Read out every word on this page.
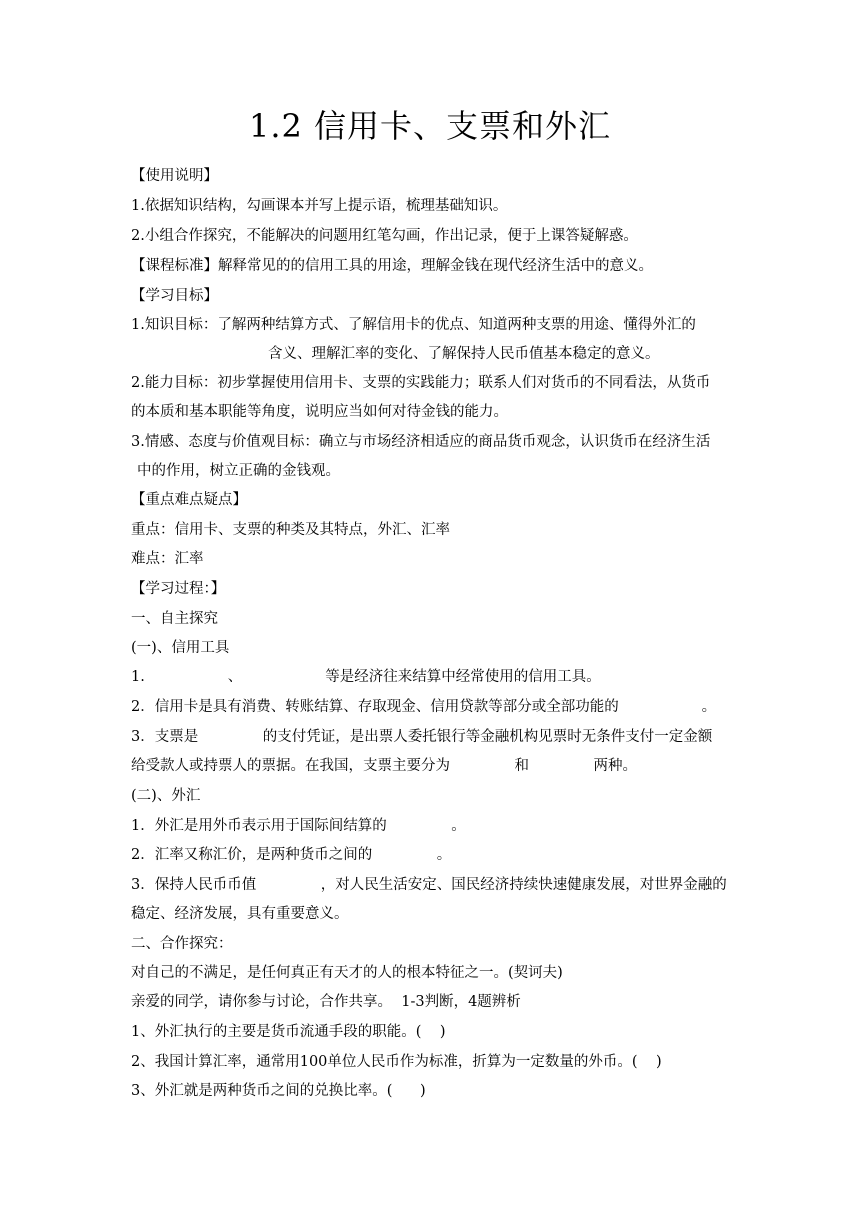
1.2 信用卡、支票和外汇

【使用说明】

1.依据知识结构，勾画课本并写上提示语，梳理基础知识。

2.小组合作探究，不能解决的问题用红笔勾画，作出记录，便于上课答疑解惑。

【课程标准】解释常见的的信用工具的用途，理解金钱在现代经济生活中的意义。

【学习目标】

1.知识目标：了解两种结算方式、了解信用卡的优点、知道两种支票的用途、懂得外汇的

含义、理解汇率的变化、了解保持人民币值基本稳定的意义。

2.能力目标：初步掌握使用信用卡、支票的实践能力；联系人们对货币的不同看法，从货币

的本质和基本职能等角度，说明应当如何对待金钱的能力。

3.情感、态度与价值观目标：确立与市场经济相适应的商品货币观念，认识货币在经济生活

中的作用，树立正确的金钱观。

【重点难点疑点】

重点：信用卡、支票的种类及其特点，外汇、汇率

难点：汇率

【学习过程：】

一、自主探究

(一)、信用工具

1.                  、                  等是经济往来结算中经常使用的信用工具。

2．信用卡是具有消费、转账结算、存取现金、信用贷款等部分或全部功能的                  。

3．支票是              的支付凭证，是出票人委托银行等金融机构见票时无条件支付一定金额

给受款人或持票人的票据。在我国，支票主要分为              和              两种。

(二)、外汇

1．外汇是用外币表示用于国际间结算的              。

2．汇率又称汇价，是两种货币之间的              。

3．保持人民币币值              ，对人民生活安定、国民经济持续快速健康发展，对世界金融的

稳定、经济发展，具有重要意义。

二、合作探究：

对自己的不满足，是任何真正有天才的人的根本特征之一。(契诃夫)

亲爱的同学，请你参与讨论，合作共享。  1-3判断，4题辨析

1、外汇执行的主要是货币流通手段的职能。(    )

2、我国计算汇率，通常用100单位人民币作为标准，折算为一定数量的外币。(    )

3、外汇就是两种货币之间的兑换比率。(      )
